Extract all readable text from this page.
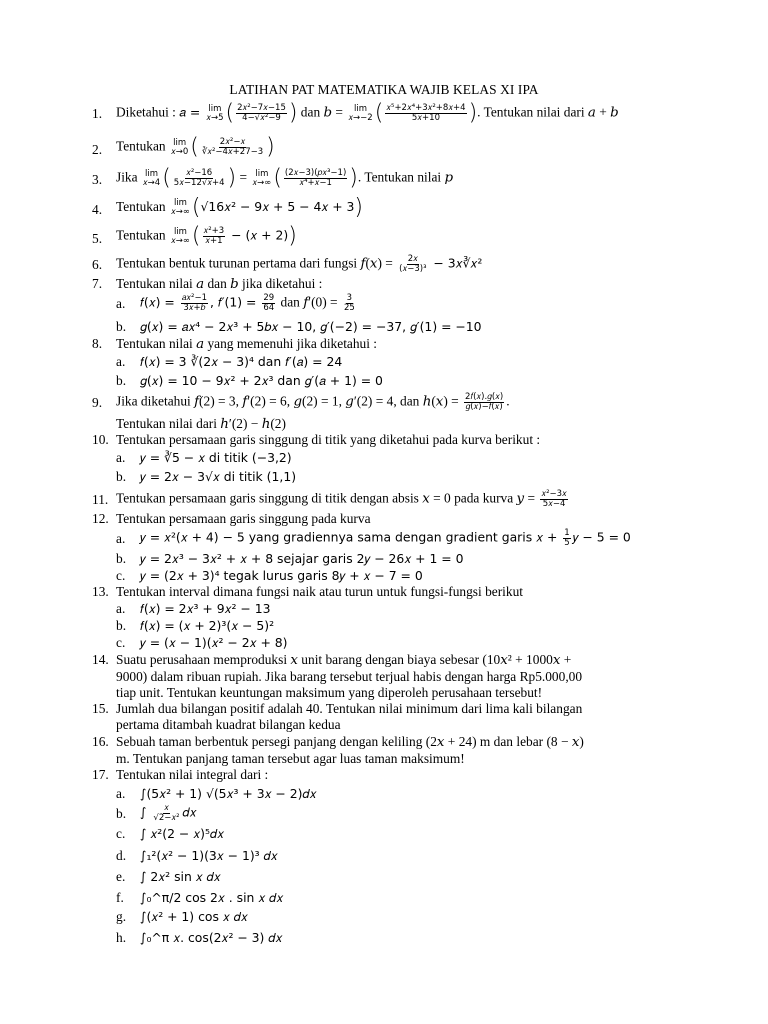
LATIHAN PAT MATEMATIKA WAJIB KELAS XI IPA
1.	Diketahui : 𝑎 = lim
𝑥→5 ( $\frac{\text{2𝑥²−7𝑥−15}}{\text{4−√𝑥²−9}}$ ) dan 𝑏 = lim
𝑥→−2 ( $\frac{\text{𝑥⁵+2𝑥⁴+3𝑥²+8𝑥+4}}{\text{5𝑥+10}}$ ). Tentukan nilai dari 𝑎 + 𝑏
2.	Tentukan lim
𝑥→0 ( $\frac{\text{2𝑥²−𝑥}}{\text{∛𝑥²−4𝑥+27−3}}$ )
3.	Jika lim
𝑥→4 ( $\frac{\text{𝑥²−16}}{\text{5𝑥−12√𝑥+4}}$ ) = lim
𝑥→∞ ( $\frac{\text{(2𝑥−3)(𝑝𝑥³−1)}}{\text{𝑥⁴+𝑥−1}}$ ). Tentukan nilai 𝑝
4.	Tentukan lim
𝑥→∞ (√16𝑥² − 9𝑥 + 5 − 4𝑥 + 3)
5.	Tentukan lim
𝑥→∞ ( $\frac{\text{𝑥²+3}}{\text{𝑥+1}}$ − (𝑥 + 2))
6.	Tentukan bentuk turunan pertama dari fungsi 𝑓(𝑥) = $\frac{\text{2𝑥}}{\text{(𝑥−3)³}}$ − 3𝑥∛𝑥²
7.	Tentukan nilai 𝑎 dan 𝑏 jika diketahui :
a.	𝑓(𝑥) = $\frac{\text{𝑎𝑥²−1}}{\text{3𝑥+𝑏}}$ , 𝑓′(1) = $\frac{29}{64}$ dan 𝑓′(0) = $\frac{3}{25}$
b.	𝑔(𝑥) = 𝑎𝑥⁴ − 2𝑥³ + 5𝑏𝑥 − 10, 𝑔′(−2) = −37, 𝑔′(1) = −10
8.	Tentukan nilai 𝑎 yang memenuhi jika diketahui :
a.	𝑓(𝑥) = 3 ∛(2𝑥 − 3)⁴ dan 𝑓′(𝑎) = 24
b.	𝑔(𝑥) = 10 − 9𝑥² + 2𝑥³ dan 𝑔′(𝑎 + 1) = 0
9.	Jika diketahui 𝑓(2) = 3, 𝑓′(2) = 6, 𝑔(2) = 1, 𝑔′(2) = 4, dan ℎ(𝑥) = $\frac{\text{2𝑓(𝑥).𝑔(𝑥)}}{\text{𝑔(𝑥)−𝑓(𝑥)}}$ .
Tentukan nilai dari ℎ′(2) − ℎ(2)
10. Tentukan persamaan garis singgung di titik yang diketahui pada kurva berikut :
a.	𝑦 = ∛5 − 𝑥 di titik (−3,2)
b.	𝑦 = 2𝑥 − 3√𝑥 di titik (1,1)
11. Tentukan persamaan garis singgung di titik dengan absis 𝑥 = 0 pada kurva 𝑦 = $\frac{\text{𝑥²−3𝑥}}{\text{5𝑥−4}}$
12. Tentukan persamaan garis singgung pada kurva
a.	𝑦 = 𝑥²(𝑥 + 4) − 5 yang gradiennya sama dengan gradient garis 𝑥 + $\frac{1}{5}$ 𝑦 − 5 = 0
b.	𝑦 = 2𝑥³ − 3𝑥² + 𝑥 + 8 sejajar garis 2𝑦 − 26𝑥 + 1 = 0
c.	𝑦 = (2𝑥 + 3)⁴ tegak lurus garis 8𝑦 + 𝑥 − 7 = 0
13. Tentukan interval dimana fungsi naik atau turun untuk fungsi-fungsi berikut
a.	𝑓(𝑥) = 2𝑥³ + 9𝑥² − 13
b.	𝑓(𝑥) = (𝑥 + 2)³(𝑥 − 5)²
c.	𝑦 = (𝑥 − 1)(𝑥² − 2𝑥 + 8)
14. Suatu perusahaan memproduksi 𝑥 unit barang dengan biaya sebesar (10𝑥² + 1000𝑥 +
9000) dalam ribuan rupiah. Jika barang tersebut terjual habis dengan harga Rp5.000,00
tiap unit. Tentukan keuntungan maksimum yang diperoleh perusahaan tersebut!
15. Jumlah dua bilangan positif adalah 40. Tentukan nilai minimum dari lima kali bilangan
pertama ditambah kuadrat bilangan kedua
16. Sebuah taman berbentuk persegi panjang dengan keliling (2𝑥 + 24) m dan lebar (8 − 𝑥)
m. Tentukan panjang taman tersebut agar luas taman maksimum!
17. Tentukan nilai integral dari :
a.	∫(5𝑥² + 1) √(5𝑥³ + 3𝑥 − 2)𝑑𝑥
b.	∫ $\frac{\text{𝑥}}{\text{√2−𝑥²}}$ 𝑑𝑥
c.	∫ 𝑥²(2 − 𝑥)⁵𝑑𝑥
d.	∫₁²(𝑥² − 1)(3𝑥 − 1)³ 𝑑𝑥
e.	∫ 2𝑥² sin 𝑥 𝑑𝑥
f.	∫₀^π/2 cos 2𝑥 . sin 𝑥 𝑑𝑥
g.	∫(𝑥² + 1) cos 𝑥 𝑑𝑥
h.	∫₀^π 𝑥. cos(2𝑥² − 3) 𝑑𝑥
